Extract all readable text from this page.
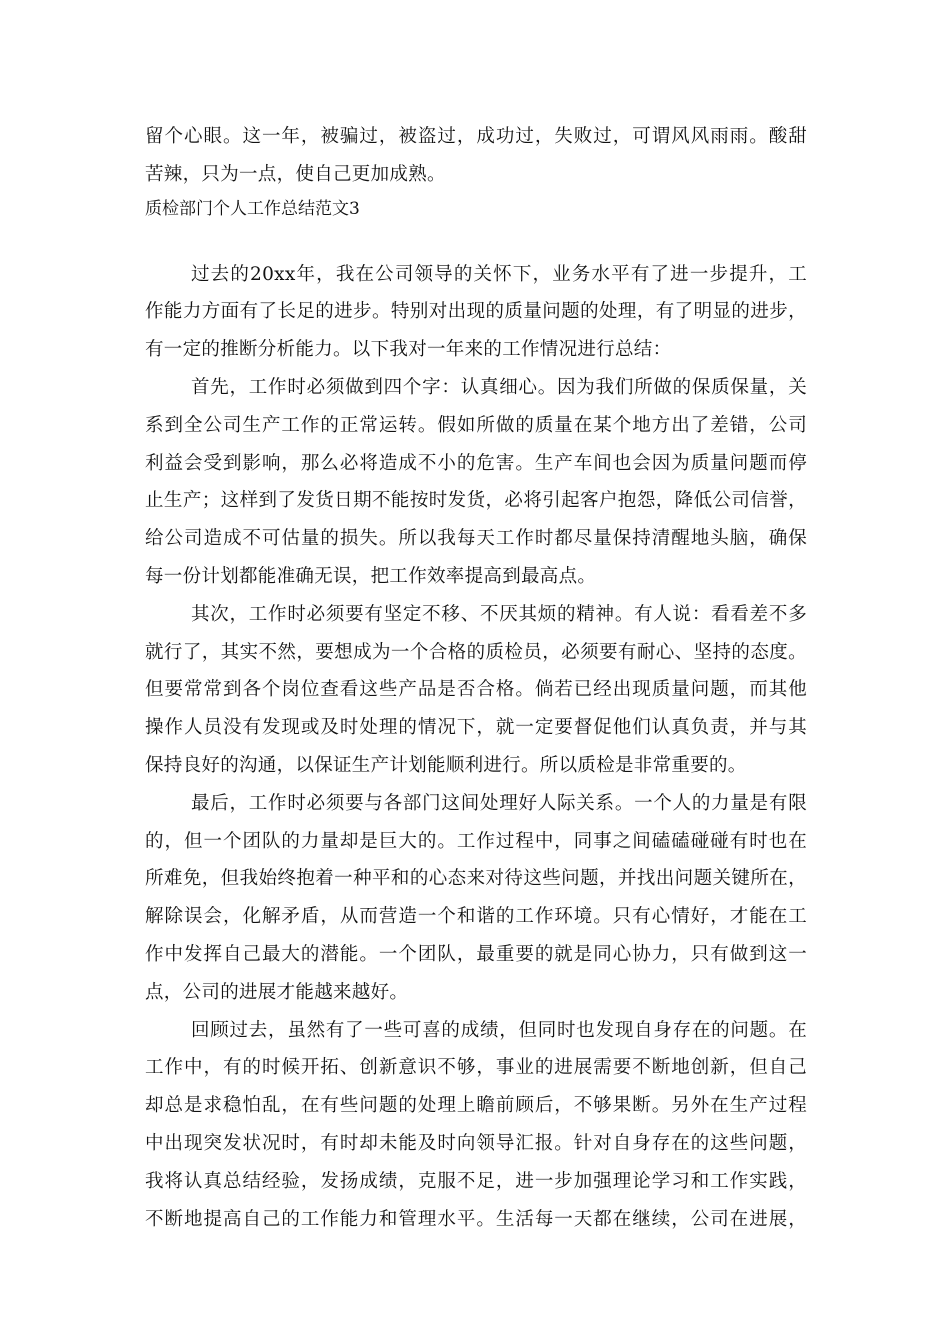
留个心眼。这一年，被骗过，被盗过，成功过，失败过，可谓风风雨雨。酸甜
苦辣，只为一点，使自己更加成熟。
质检部门个人工作总结范文3
过去的20xx年，我在公司领导的关怀下，业务水平有了进一步提升，工
作能力方面有了长足的进步。特别对出现的质量问题的处理，有了明显的进步，
有一定的推断分析能力。以下我对一年来的工作情况进行总结：
首先，工作时必须做到四个字：认真细心。因为我们所做的保质保量，关
系到全公司生产工作的正常运转。假如所做的质量在某个地方出了差错，公司
利益会受到影响，那么必将造成不小的危害。生产车间也会因为质量问题而停
止生产；这样到了发货日期不能按时发货，必将引起客户抱怨，降低公司信誉，
给公司造成不可估量的损失。所以我每天工作时都尽量保持清醒地头脑，确保
每一份计划都能准确无误，把工作效率提高到最高点。
其次，工作时必须要有坚定不移、不厌其烦的精神。有人说：看看差不多
就行了，其实不然，要想成为一个合格的质检员，必须要有耐心、坚持的态度。
但要常常到各个岗位查看这些产品是否合格。倘若已经出现质量问题，而其他
操作人员没有发现或及时处理的情况下，就一定要督促他们认真负责，并与其
保持良好的沟通，以保证生产计划能顺利进行。所以质检是非常重要的。
最后，工作时必须要与各部门这间处理好人际关系。一个人的力量是有限
的，但一个团队的力量却是巨大的。工作过程中，同事之间磕磕碰碰有时也在
所难免，但我始终抱着一种平和的心态来对待这些问题，并找出问题关键所在，
解除误会，化解矛盾，从而营造一个和谐的工作环境。只有心情好，才能在工
作中发挥自己最大的潜能。一个团队，最重要的就是同心协力，只有做到这一
点，公司的进展才能越来越好。
回顾过去，虽然有了一些可喜的成绩，但同时也发现自身存在的问题。在
工作中，有的时候开拓、创新意识不够，事业的进展需要不断地创新，但自己
却总是求稳怕乱，在有些问题的处理上瞻前顾后，不够果断。另外在生产过程
中出现突发状况时，有时却未能及时向领导汇报。针对自身存在的这些问题，
我将认真总结经验，发扬成绩，克服不足，进一步加强理论学习和工作实践，
不断地提高自己的工作能力和管理水平。生活每一天都在继续，公司在进展，
